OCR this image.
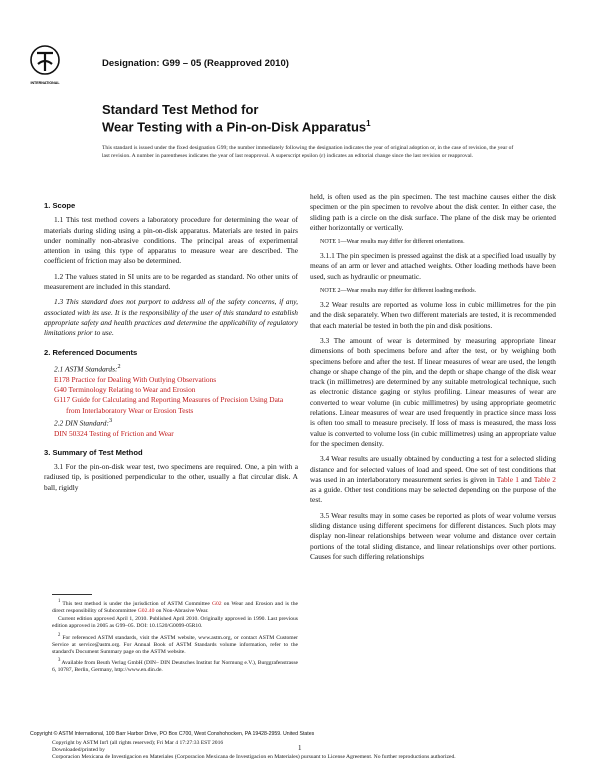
INTERNATIONAL
Designation: G99 – 05 (Reapproved 2010)
Standard Test Method for
Wear Testing with a Pin-on-Disk Apparatus$^1$
This standard is issued under the fixed designation G99; the number immediately following the designation indicates the year of original adoption or, in the case of revision, the year of last revision. A number in parentheses indicates the year of last reapproval. A superscript epsilon (ε) indicates an editorial change since the last revision or reapproval.

1. Scope

1.1 This test method covers a laboratory procedure for determining the wear of materials during sliding using a pin-on-disk apparatus. Materials are tested in pairs under nominally non-abrasive conditions. The principal areas of experimental attention in using this type of apparatus to measure wear are described. The coefficient of friction may also be determined.

1.2 The values stated in SI units are to be regarded as standard. No other units of measurement are included in this standard.

1.3 This standard does not purport to address all of the safety concerns, if any, associated with its use. It is the responsibility of the user of this standard to establish appropriate safety and health practices and determine the applicability of regulatory limitations prior to use.

2. Referenced Documents

2.1 ASTM Standards:$^2$

E178 Practice for Dealing With Outlying Observations

G40 Terminology Relating to Wear and Erosion

G117 Guide for Calculating and Reporting Measures of Precision Using Data from Interlaboratory Wear or Erosion Tests

2.2 DIN Standard:$^3$

DIN 50324 Testing of Friction and Wear

3. Summary of Test Method

3.1 For the pin-on-disk wear test, two specimens are required. One, a pin with a radiused tip, is positioned perpendicular to the other, usually a flat circular disk. A ball, rigidly

held, is often used as the pin specimen. The test machine causes either the disk specimen or the pin specimen to revolve about the disk center. In either case, the sliding path is a circle on the disk surface. The plane of the disk may be oriented either horizontally or vertically.

NOTE 1—Wear results may differ for different orientations.

3.1.1 The pin specimen is pressed against the disk at a specified load usually by means of an arm or lever and attached weights. Other loading methods have been used, such as hydraulic or pneumatic.

NOTE 2—Wear results may differ for different loading methods.

3.2 Wear results are reported as volume loss in cubic millimetres for the pin and the disk separately. When two different materials are tested, it is recommended that each material be tested in both the pin and disk positions.

3.3 The amount of wear is determined by measuring appropriate linear dimensions of both specimens before and after the test, or by weighing both specimens before and after the test. If linear measures of wear are used, the length change or shape change of the pin, and the depth or shape change of the disk wear track (in millimetres) are determined by any suitable metrological technique, such as electronic distance gaging or stylus profiling. Linear measures of wear are converted to wear volume (in cubic millimetres) by using appropriate geometric relations. Linear measures of wear are used frequently in practice since mass loss is often too small to measure precisely. If loss of mass is measured, the mass loss value is converted to volume loss (in cubic millimetres) using an appropriate value for the specimen density.

3.4 Wear results are usually obtained by conducting a test for a selected sliding distance and for selected values of load and speed. One set of test conditions that was used in an interlaboratory measurement series is given in Table 1 and Table 2 as a guide. Other test conditions may be selected depending on the purpose of the test.

3.5 Wear results may in some cases be reported as plots of wear volume versus sliding distance using different specimens for different distances. Such plots may display non-linear relationships between wear volume and distance over certain portions of the total sliding distance, and linear relationships over other portions. Causes for such differing relationships

$^1$ This test method is under the jurisdiction of ASTM Committee G02 on Wear and Erosion and is the direct responsibility of Subcommittee G02.40 on Non-Abrasive Wear.

Current edition approved April 1, 2010. Published April 2010. Originally approved in 1990. Last previous edition approved in 2005 as G99–05. DOI: 10.1520/G0099-05R10.

$^2$ For referenced ASTM standards, visit the ASTM website, www.astm.org, or contact ASTM Customer Service at service@astm.org. For Annual Book of ASTM Standards volume information, refer to the standard's Document Summary page on the ASTM website.

$^3$ Available from Beuth Verlag GmbH (DIN– DIN Deutsches Institut fur Normung e.V.), Burggrafenstrasse 6, 10787, Berlin, Germany, http://www.en.din.de.

Copyright © ASTM International, 100 Barr Harbor Drive, PO Box C700, West Conshohocken, PA 19428-2959. United States
1
Copyright by ASTM Int'l (all rights reserved); Fri Mar 4 17:27:33 EST 2016
Downloaded/printed by
Corporacion Mexicana de Investigacion en Materiales (Corporacion Mexicana de Investigacion en Materiales) pursuant to License Agreement. No further reproductions authorized.
